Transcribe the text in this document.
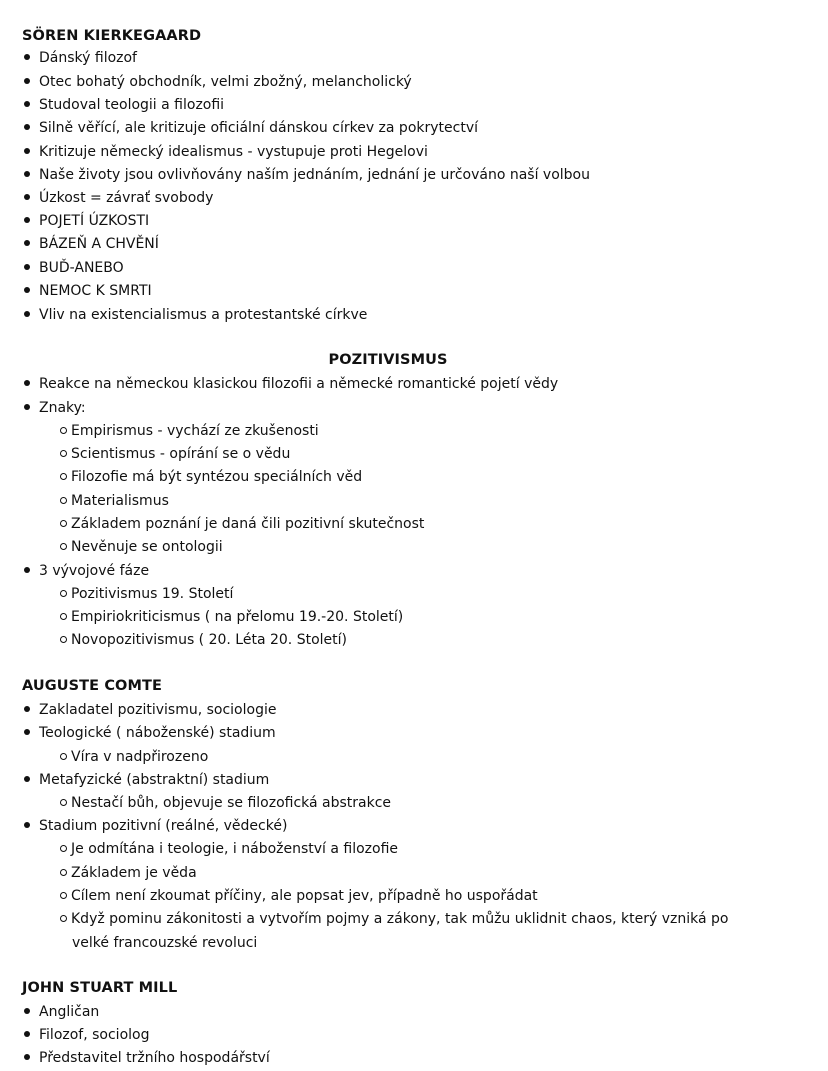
SÖREN KIERKEGAARD
Dánský filozof
Otec bohatý obchodník, velmi zbožný, melancholický
Studoval teologii a filozofii
Silně věřící, ale kritizuje oficiální dánskou církev za pokrytectví
Kritizuje německý idealismus - vystupuje proti Hegelovi
Naše životy jsou ovlivňovány naším jednáním, jednání je určováno naší volbou
Úzkost = závrať svobody
POJETÍ ÚZKOSTI
BÁZEŇ A CHVĚNÍ
BUĎ-ANEBO
NEMOC K SMRTI
Vliv na existencialismus a protestantské církve
POZITIVISMUS
Reakce na německou klasickou filozofii a německé romantické pojetí vědy
Znaky:
Empirismus - vychází ze zkušenosti
Scientismus - opírání se o vědu
Filozofie má být syntézou speciálních věd
Materialismus
Základem poznání je daná čili pozitivní skutečnost
Nevěnuje se ontologii
3 vývojové fáze
Pozitivismus 19. Století
Empiriokriticismus ( na přelomu 19.-20. Století)
Novopozitivismus ( 20. Léta 20. Století)
AUGUSTE COMTE
Zakladatel pozitivismu, sociologie
Teologické ( náboženské) stadium
Víra v nadpřirozeno
Metafyzické (abstraktní) stadium
Nestačí bůh, objevuje se filozofická abstrakce
Stadium pozitivní (reálné, vědecké)
Je odmítána i teologie, i náboženství a filozofie
Základem je věda
Cílem není zkoumat příčiny, ale popsat jev, případně ho uspořádat
Když pominu zákonitosti a vytvořím pojmy a zákony, tak můžu uklidnit chaos, který vzniká po
velké francouzské revoluci
JOHN STUART MILL
Angličan
Filozof, sociolog
Představitel tržního hospodářství
